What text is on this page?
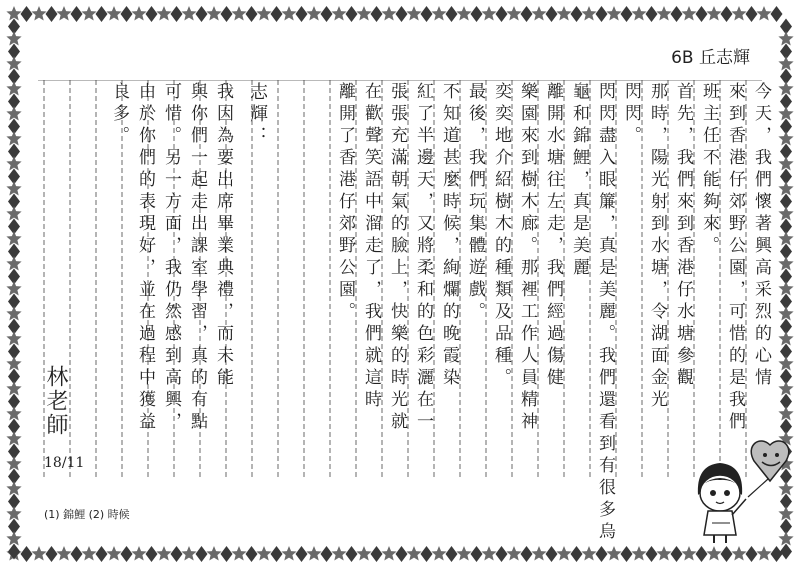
6B 丘志輝
今天，我們懷著興高采烈的心情
來到香港仔郊野公園，可惜的是我們
班主任不能夠來。
首先，我們來到香港仔水塘參觀
那時，陽光射到水塘，令湖面金光
閃閃。
閃閃盡入眼簾，真是美麗。我們還看到有很多烏
龜和錦鯉，真是美麗
離開水塘往左走，我們經過傷健
樂園來到樹木廊。那裡工作人員精神
奕奕地介紹樹木的種類及品種。
最後，我們玩集體遊戲。
不知道甚麼時候，絢爛的晚霞染
紅了半邊天，又將柔和的色彩灑在一
張張充滿朝氣的臉上，快樂的時光就
在歡聲笑語中溜走了，我們就這時
離開了香港仔郊野公園。
志輝：
我因為要出席畢業典禮，而未能
與你們一起走出課室學習，真的有點
可惜。另一方面，我仍然感到高興，
由於你們的表現好，並在過程中獲益
良多。
林老師
18/11
(1) 錦鯉 (2) 時候
